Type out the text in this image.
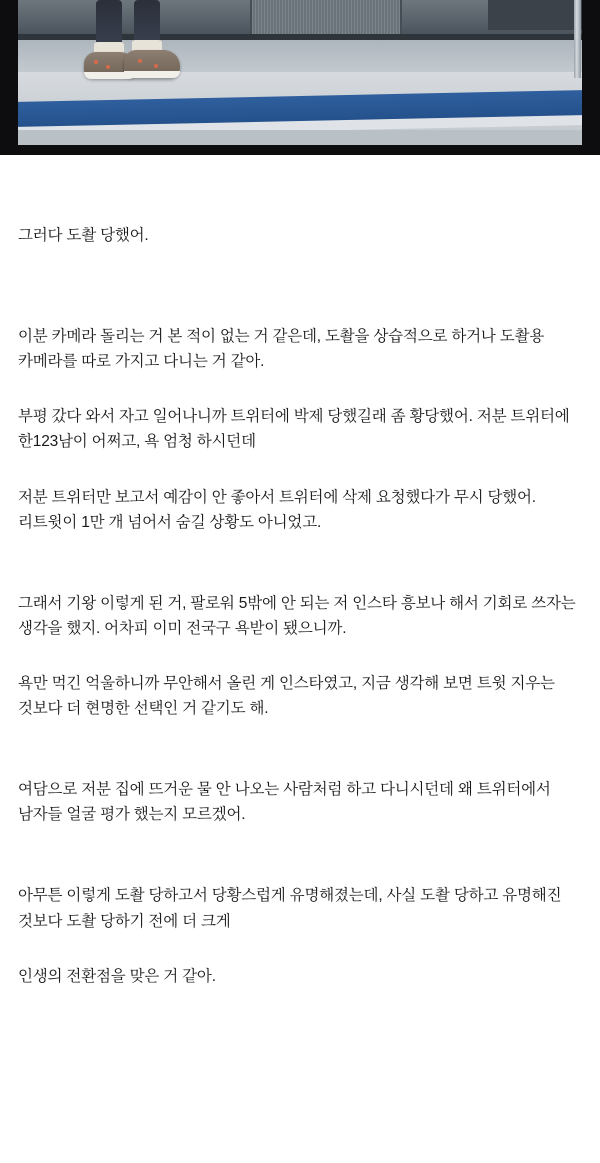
그러다 도촬 당했어.

이분 카메라 돌리는 거 본 적이 없는 거 같은데, 도촬을 상습적으로 하거나 도촬용 카메라를 따로 가지고 다니는 거 같아.

부평 갔다 와서 자고 일어나니까 트위터에 박제 당했길래 좀 황당했어. 저분 트위터에 한123남이 어쩌고, 욕 엄청 하시던데

저분 트위터만 보고서 예감이 안 좋아서 트위터에 삭제 요청했다가 무시 당했어. 리트윗이 1만 개 넘어서 숨길 상황도 아니었고.

그래서 기왕 이렇게 된 거, 팔로워 5밖에 안 되는 저 인스타 흥보나 해서 기회로 쓰자는 생각을 했지. 어차피 이미 전국구 욕받이 됐으니까.

욕만 먹긴 억울하니까 무안해서 올린 게 인스타였고, 지금 생각해 보면 트윗 지우는 것보다 더 현명한 선택인 거 같기도 해.

여담으로 저분 집에 뜨거운 물 안 나오는 사람처럼 하고 다니시던데 왜 트위터에서 남자들 얼굴 평가 했는지 모르겠어.

아무튼 이렇게 도촬 당하고서 당황스럽게 유명해졌는데, 사실 도촬 당하고 유명해진 것보다 도촬 당하기 전에 더 크게

인생의 전환점을 맞은 거 같아.
